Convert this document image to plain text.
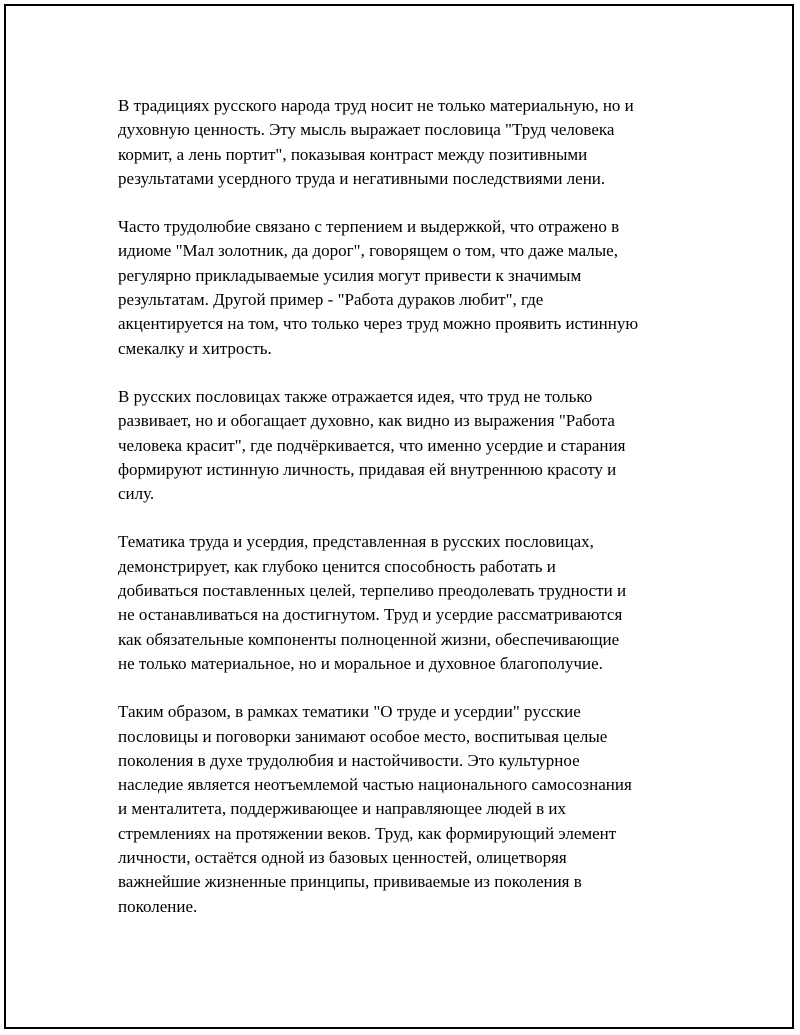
В традициях русского народа труд носит не только материальную, но и
духовную ценность. Эту мысль выражает пословица "Труд человека
кормит, а лень портит", показывая контраст между позитивными
результатами усердного труда и негативными последствиями лени.

Часто трудолюбие связано с терпением и выдержкой, что отражено в
идиоме "Мал золотник, да дорог", говорящем о том, что даже малые,
регулярно прикладываемые усилия могут привести к значимым
результатам. Другой пример - "Работа дураков любит", где
акцентируется на том, что только через труд можно проявить истинную
смекалку и хитрость.

В русских пословицах также отражается идея, что труд не только
развивает, но и обогащает духовно, как видно из выражения "Работа
человека красит", где подчёркивается, что именно усердие и старания
формируют истинную личность, придавая ей внутреннюю красоту и
силу.

Тематика труда и усердия, представленная в русских пословицах,
демонстрирует, как глубоко ценится способность работать и
добиваться поставленных целей, терпеливо преодолевать трудности и
не останавливаться на достигнутом. Труд и усердие рассматриваются
как обязательные компоненты полноценной жизни, обеспечивающие
не только материальное, но и моральное и духовное благополучие.

Таким образом, в рамках тематики "О труде и усердии" русские
пословицы и поговорки занимают особое место, воспитывая целые
поколения в духе трудолюбия и настойчивости. Это культурное
наследие является неотъемлемой частью национального самосознания
и менталитета, поддерживающее и направляющее людей в их
стремлениях на протяжении веков. Труд, как формирующий элемент
личности, остаётся одной из базовых ценностей, олицетворяя
важнейшие жизненные принципы, прививаемые из поколения в
поколение.
